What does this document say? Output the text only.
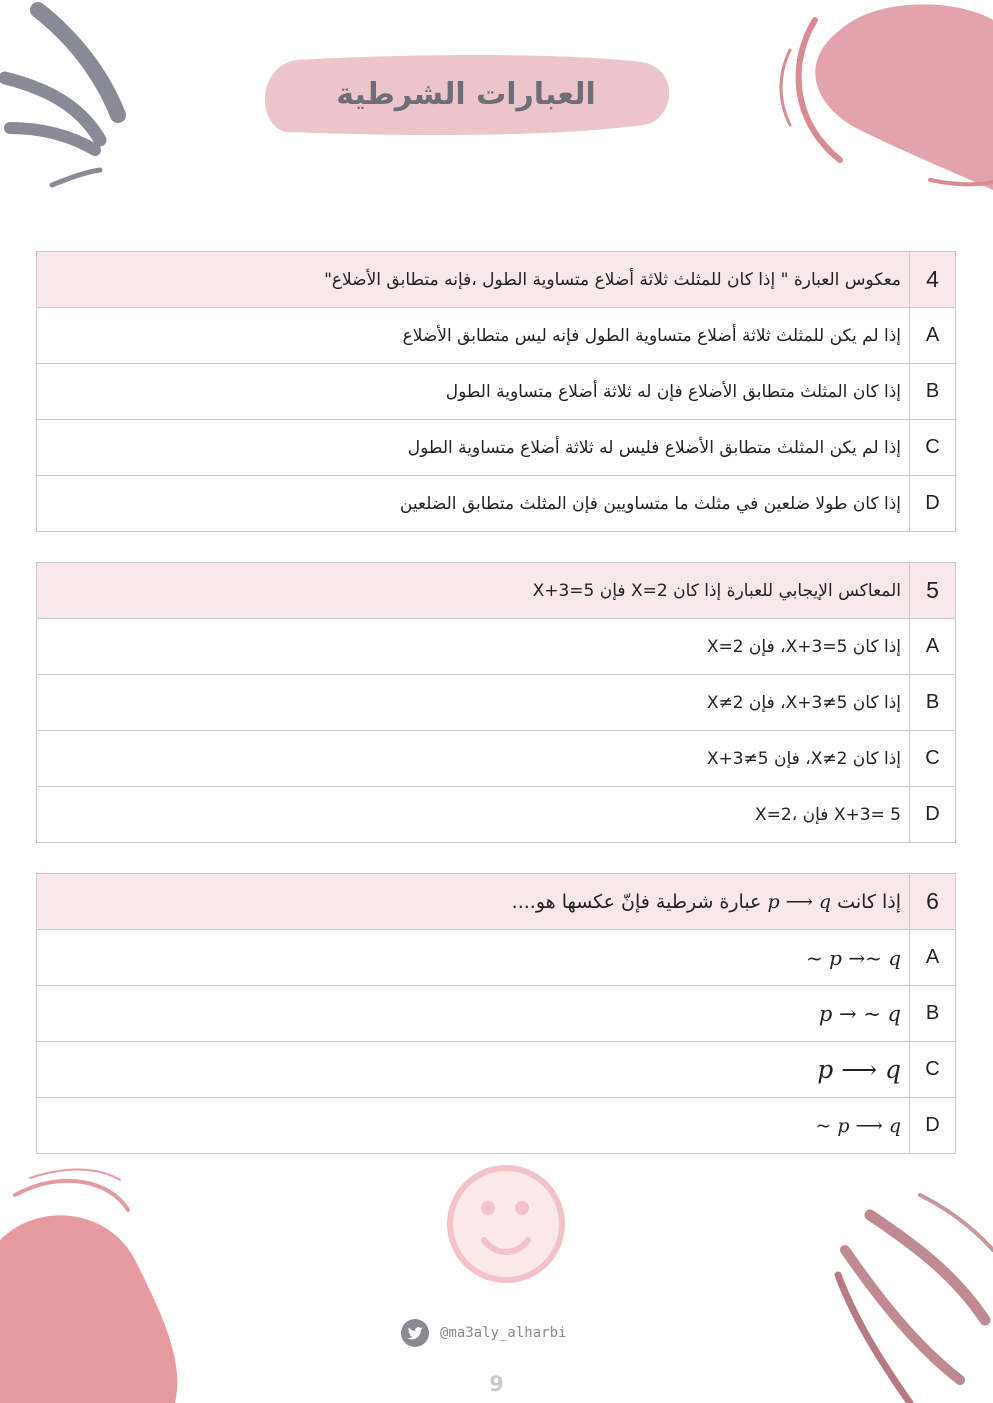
العبارات الشرطية
4	معكوس العبارة " إذا كان للمثلث ثلاثة أضلاع متساوية الطول ،فإنه متطابق الأضلاع"
A	إذا لم يكن للمثلث ثلاثة أضلاع متساوية الطول فإنه ليس متطابق الأضلاع
B	إذا كان المثلث متطابق الأضلاع فإن له ثلاثة أضلاع متساوية الطول
C	إذا لم يكن المثلث متطابق الأضلاع فليس له ثلاثة أضلاع متساوية الطول
D	إذا كان طولا ضلعين في مثلث ما متساويين فإن المثلث متطابق الضلعين
5	المعاكس الإيجابي للعبارة إذا كان X=2 فإن X+3=5
A	إذا كان X+3=5، فإن X=2
B	إذا كان X+3≠5، فإن X≠2
C	إذا كان X≠2، فإن X+3≠5
D	X=2، فإن X+3= 5
6	إذا كانت p ⟶ q عبارة شرطية فإنّ عكسها هو....
A	~ p →~ q
B	p → ~ q
C	p ⟶ q
D	~ p ⟶ q
@ma3aly_alharbi
9
